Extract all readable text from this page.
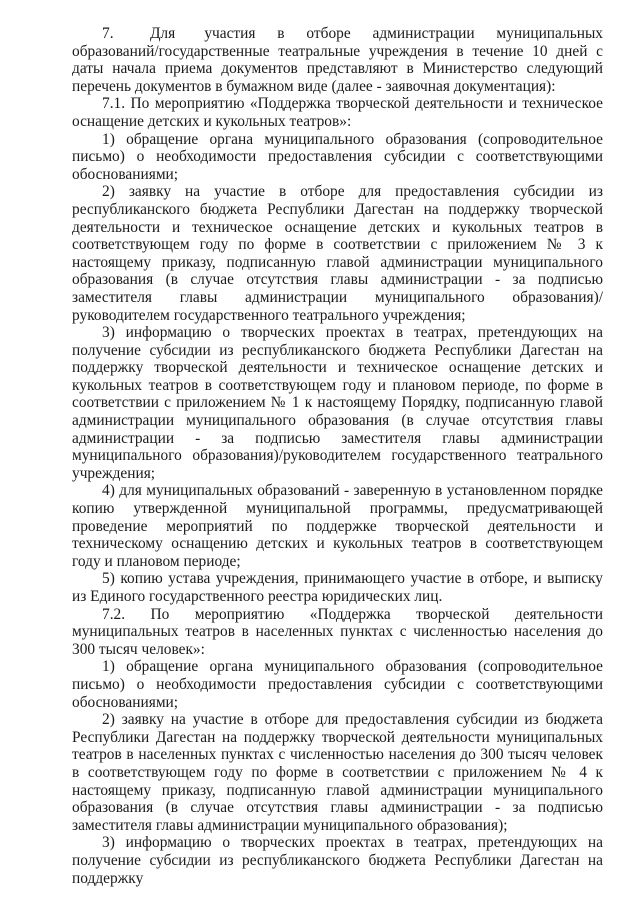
7.     Для    участия   в   отборе   администрации   муниципальных образований/государственные театральные учреждения в течение 10 дней с даты начала приема документов представляют в Министерство следующий перечень документов в бумажном виде (далее - заявочная документация):

7.1. По мероприятию «Поддержка творческой деятельности и техническое оснащение детских и кукольных театров»:

1) обращение органа муниципального образования (сопроводительное письмо) о необходимости предоставления субсидии с соответствующими обоснованиями;

2) заявку на участие в отборе для предоставления субсидии из республиканского бюджета Республики Дагестан на поддержку творческой деятельности и техническое оснащение детских и кукольных театров в соответствующем году по форме в соответствии с приложением № 3 к настоящему приказу, подписанную главой администрации муниципального образования (в случае отсутствия главы администрации - за подписью заместителя главы администрации муниципального образования)/руководителем государственного театрального учреждения;

3) информацию о творческих проектах в театрах, претендующих на получение субсидии из республиканского бюджета Республики Дагестан на поддержку творческой деятельности и техническое оснащение детских и кукольных театров в соответствующем году и плановом периоде, по форме в соответствии с приложением № 1 к настоящему Порядку, подписанную главой администрации муниципального образования (в случае отсутствия главы администрации - за подписью заместителя главы администрации муниципального образования)/руководителем государственного театрального учреждения;

4) для муниципальных образований - заверенную в установленном порядке копию утвержденной муниципальной программы, предусматривающей проведение мероприятий по поддержке творческой деятельности и техническому оснащению детских и кукольных театров в соответствующем году и плановом периоде;

5) копию устава учреждения, принимающего участие в отборе, и выписку из Единого государственного реестра юридических лиц.

7.2. По мероприятию «Поддержка творческой деятельности муниципальных театров в населенных пунктах с численностью населения до 300 тысяч человек»:

1) обращение органа муниципального образования (сопроводительное письмо) о необходимости предоставления субсидии с соответствующими обоснованиями;

2) заявку на участие в отборе для предоставления субсидии из бюджета Республики Дагестан на поддержку творческой деятельности муниципальных театров в населенных пунктах с численностью населения до 300 тысяч человек в соответствующем году по форме в соответствии с приложением № 4 к настоящему приказу, подписанную главой администрации муниципального образования (в случае отсутствия главы администрации - за подписью заместителя главы администрации муниципального образования);

3) информацию о творческих проектах в театрах, претендующих на получение субсидии из республиканского бюджета Республики Дагестан на поддержку
